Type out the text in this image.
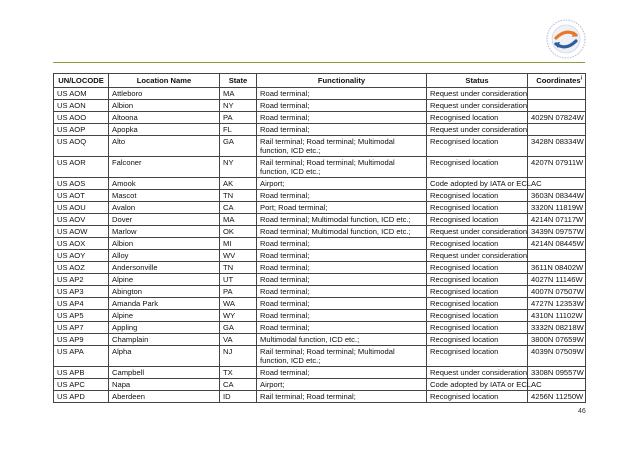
UN/LOCODE	Location Name	State	Functionality	Status	Coordinates$^i$
US AOM	Attleboro	MA	Road terminal;	Request under consideration	
US AON	Albion	NY	Road terminal;	Request under consideration	
US AOO	Altoona	PA	Road terminal;	Recognised location	4029N 07824W
US AOP	Apopka	FL	Road terminal;	Request under consideration	
US AOQ	Alto	GA	Rail terminal; Road terminal; Multimodal function, ICD etc.;	Recognised location	3428N 08334W
US AOR	Falconer	NY	Rail terminal; Road terminal; Multimodal function, ICD etc.;	Recognised location	4207N 07911W
US AOS	Amook	AK	Airport;	Code adopted by IATA or ECLAC	
US AOT	Mascot	TN	Road terminal;	Recognised location	3603N 08344W
US AOU	Avalon	CA	Port; Road terminal;	Recognised location	3320N 11819W
US AOV	Dover	MA	Road terminal; Multimodal function, ICD etc.;	Recognised location	4214N 07117W
US AOW	Marlow	OK	Road terminal; Multimodal function, ICD etc.;	Request under consideration	3439N 09757W
US AOX	Albion	MI	Road terminal;	Recognised location	4214N 08445W
US AOY	Alloy	WV	Road terminal;	Request under consideration	
US AOZ	Andersonville	TN	Road terminal;	Recognised location	3611N 08402W
US AP2	Alpine	UT	Road terminal;	Recognised location	4027N 11146W
US AP3	Abington	PA	Road terminal;	Recognised location	4007N 07507W
US AP4	Amanda Park	WA	Road terminal;	Recognised location	4727N 12353W
US AP5	Alpine	WY	Road terminal;	Recognised location	4310N 11102W
US AP7	Appling	GA	Road terminal;	Recognised location	3332N 08218W
US AP9	Champlain	VA	Multimodal function, ICD etc.;	Recognised location	3800N 07659W
US APA	Alpha	NJ	Rail terminal; Road terminal; Multimodal function, ICD etc.;	Recognised location	4039N 07509W
US APB	Campbell	TX	Road terminal;	Request under consideration	3308N 09557W
US APC	Napa	CA	Airport;	Code adopted by IATA or ECLAC	
US APD	Aberdeen	ID	Rail terminal; Road terminal;	Recognised location	4256N 11250W
46
